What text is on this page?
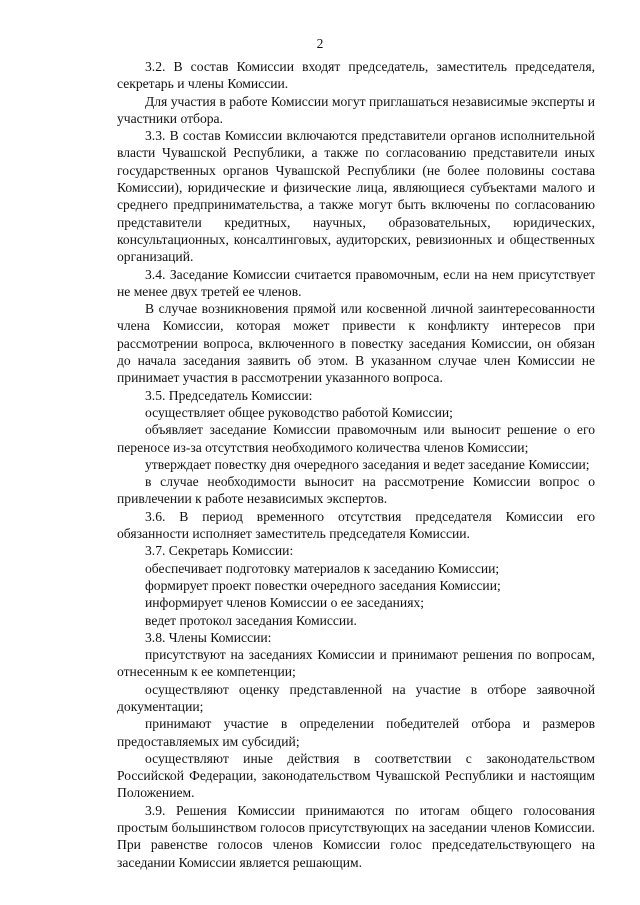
2

3.2. В состав Комиссии входят председатель, заместитель председателя, секретарь и члены Комиссии.

Для участия в работе Комиссии могут приглашаться независимые эксперты и участники отбора.

3.3. В состав Комиссии включаются представители органов исполнительной власти Чувашской Республики, а также по согласованию представители иных государственных органов Чувашской Республики (не более половины состава Комиссии), юридические и физические лица, являющиеся субъектами малого и среднего предпринимательства, а также могут быть включены по согласованию представители кредитных, научных, образовательных, юридических, консультационных, консалтинговых, аудиторских, ревизионных и общественных организаций.

3.4. Заседание Комиссии считается правомочным, если на нем присутствует не менее двух третей ее членов.

В случае возникновения прямой или косвенной личной заинтересованности члена Комиссии, которая может привести к конфликту интересов при рассмотрении вопроса, включенного в повестку заседания Комиссии, он обязан до начала заседания заявить об этом. В указанном случае член Комиссии не принимает участия в рассмотрении указанного вопроса.

3.5. Председатель Комиссии:

осуществляет общее руководство работой Комиссии;

объявляет заседание Комиссии правомочным или выносит решение о его переносе из-за отсутствия необходимого количества членов Комиссии;

утверждает повестку дня очередного заседания и ведет заседание Комиссии;

в случае необходимости выносит на рассмотрение Комиссии вопрос о привлечении к работе независимых экспертов.

3.6. В период временного отсутствия председателя Комиссии его обязанности исполняет заместитель председателя Комиссии.

3.7. Секретарь Комиссии:

обеспечивает подготовку материалов к заседанию Комиссии;

формирует проект повестки очередного заседания Комиссии;

информирует членов Комиссии о ее заседаниях;

ведет протокол заседания Комиссии.

3.8. Члены Комиссии:

присутствуют на заседаниях Комиссии и принимают решения по вопросам, отнесенным к ее компетенции;

осуществляют оценку представленной на участие в отборе заявочной документации;

принимают участие в определении победителей отбора и размеров предоставляемых им субсидий;

осуществляют иные действия в соответствии с законодательством Российской Федерации, законодательством Чувашской Республики и настоящим Положением.

3.9. Решения Комиссии принимаются по итогам общего голосования простым большинством голосов присутствующих на заседании членов Комиссии. При равенстве голосов членов Комиссии голос председательствующего на заседании Комиссии является решающим.
